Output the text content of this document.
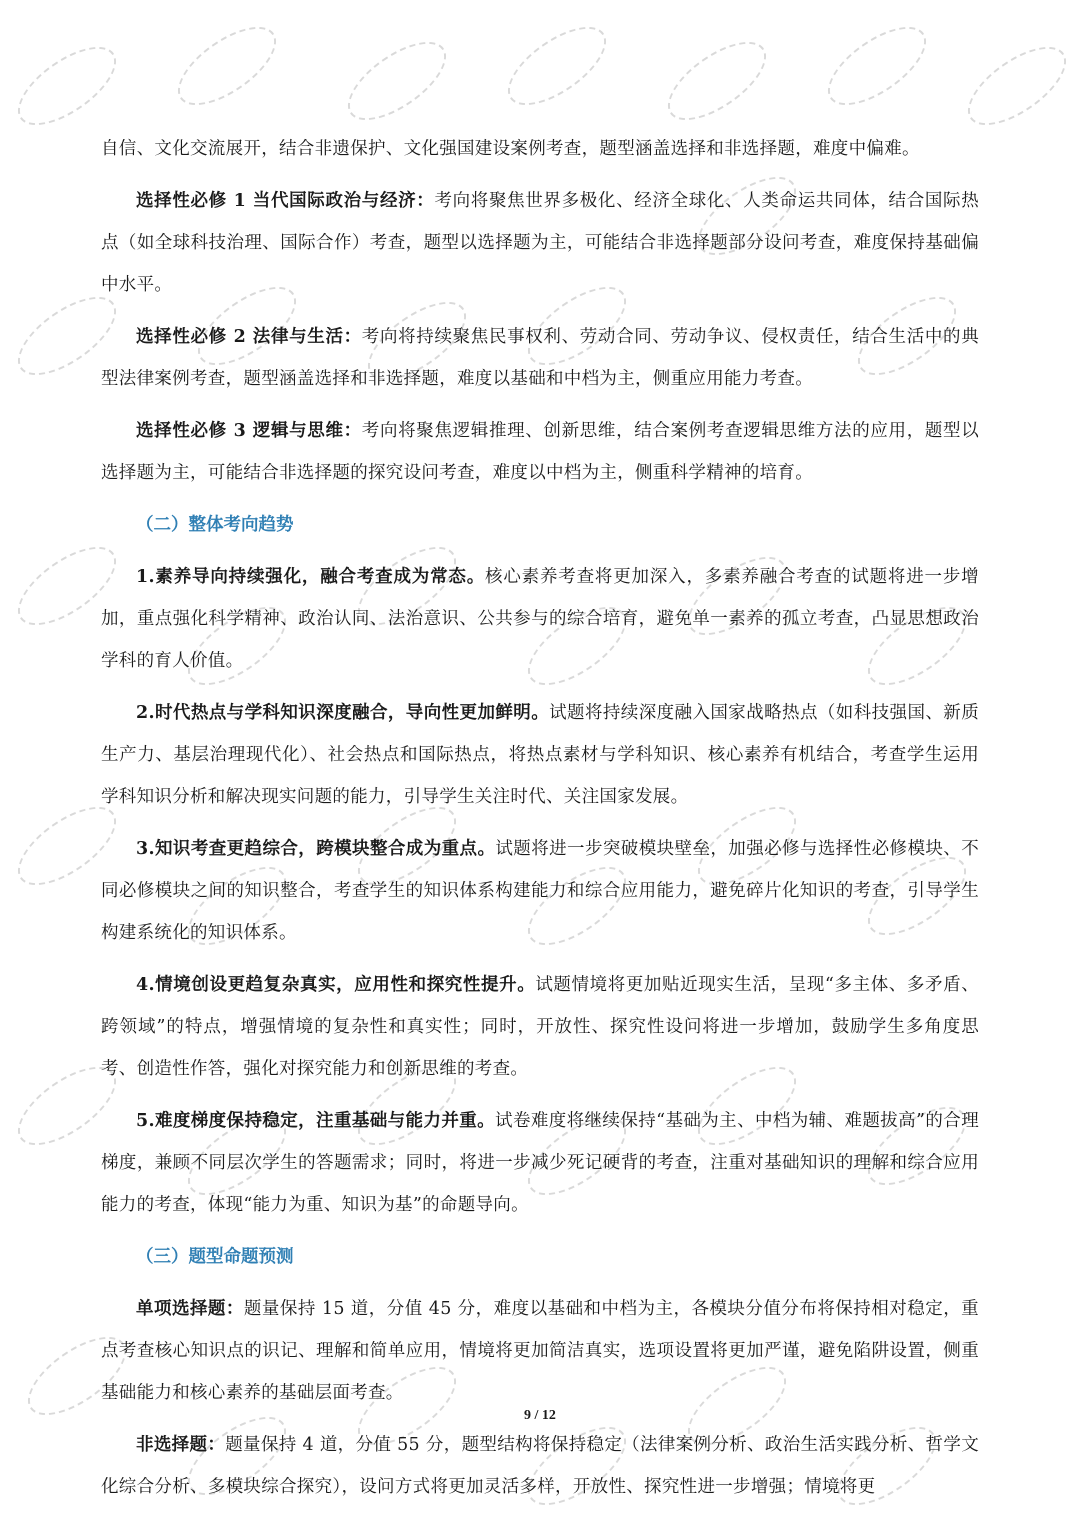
自信、文化交流展开，结合非遗保护、文化强国建设案例考查，题型涵盖选择和非选择题，难度中偏难。

选择性必修 1 当代国际政治与经济：考向将聚焦世界多极化、经济全球化、人类命运共同体，结合国际热点（如全球科技治理、国际合作）考查，题型以选择题为主，可能结合非选择题部分设问考查，难度保持基础偏中水平。

选择性必修 2 法律与生活：考向将持续聚焦民事权利、劳动合同、劳动争议、侵权责任，结合生活中的典型法律案例考查，题型涵盖选择和非选择题，难度以基础和中档为主，侧重应用能力考查。

选择性必修 3 逻辑与思维：考向将聚焦逻辑推理、创新思维，结合案例考查逻辑思维方法的应用，题型以选择题为主，可能结合非选择题的探究设问考查，难度以中档为主，侧重科学精神的培育。

（二）整体考向趋势

1.素养导向持续强化，融合考查成为常态。核心素养考查将更加深入，多素养融合考查的试题将进一步增加，重点强化科学精神、政治认同、法治意识、公共参与的综合培育，避免单一素养的孤立考查，凸显思想政治学科的育人价值。

2.时代热点与学科知识深度融合，导向性更加鲜明。试题将持续深度融入国家战略热点（如科技强国、新质生产力、基层治理现代化）、社会热点和国际热点，将热点素材与学科知识、核心素养有机结合，考查学生运用学科知识分析和解决现实问题的能力，引导学生关注时代、关注国家发展。

3.知识考查更趋综合，跨模块整合成为重点。试题将进一步突破模块壁垒，加强必修与选择性必修模块、不同必修模块之间的知识整合，考查学生的知识体系构建能力和综合应用能力，避免碎片化知识的考查，引导学生构建系统化的知识体系。

4.情境创设更趋复杂真实，应用性和探究性提升。试题情境将更加贴近现实生活，呈现“多主体、多矛盾、跨领域”的特点，增强情境的复杂性和真实性；同时，开放性、探究性设问将进一步增加，鼓励学生多角度思考、创造性作答，强化对探究能力和创新思维的考查。

5.难度梯度保持稳定，注重基础与能力并重。试卷难度将继续保持“基础为主、中档为辅、难题拔高”的合理梯度，兼顾不同层次学生的答题需求；同时，将进一步减少死记硬背的考查，注重对基础知识的理解和综合应用能力的考查，体现“能力为重、知识为基”的命题导向。

（三）题型命题预测

单项选择题：题量保持 15 道，分值 45 分，难度以基础和中档为主，各模块分值分布将保持相对稳定，重点考查核心知识点的识记、理解和简单应用，情境将更加简洁真实，选项设置将更加严谨，避免陷阱设置，侧重基础能力和核心素养的基础层面考查。

非选择题：题量保持 4 道，分值 55 分，题型结构将保持稳定（法律案例分析、政治生活实践分析、哲学文化综合分析、多模块综合探究），设问方式将更加灵活多样，开放性、探究性进一步增强；情境将更

9 / 12
